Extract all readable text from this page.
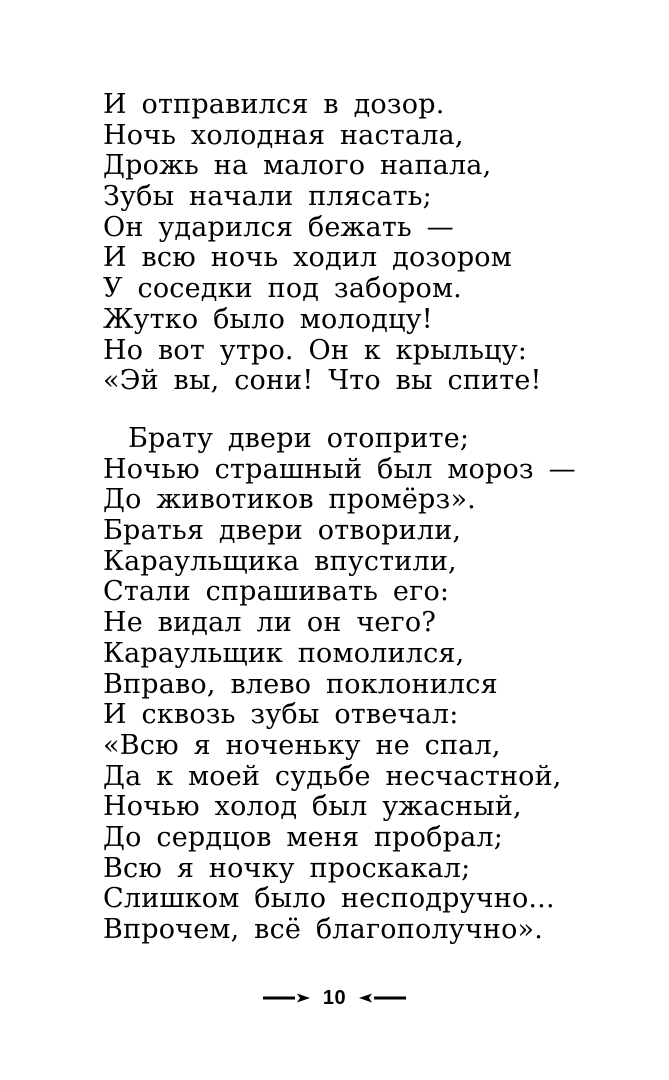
И отправился в дозор.
Ночь холодная настала,
Дрожь на малого напала,
Зубы начали плясать;
Он ударился бежать —
И всю ночь ходил дозором
У соседки под забором.
Жутко было молодцу!
Но вот утро. Он к крыльцу:
«Эй вы, сони! Что вы спите!
Брату двери отоприте;
Ночью страшный был мороз —
До животиков промёрз».
Братья двери отворили,
Караульщика впустили,
Стали спрашивать его:
Не видал ли он чего?
Караульщик помолился,
Вправо, влево поклонился
И сквозь зубы отвечал:
«Всю я ноченьку не спал,
Да к моей судьбе несчастной,
Ночью холод был ужасный,
До сердцов меня пробрал;
Всю я ночку проскакал;
Слишком было несподручно...
Впрочем, всё благополучно».
10
